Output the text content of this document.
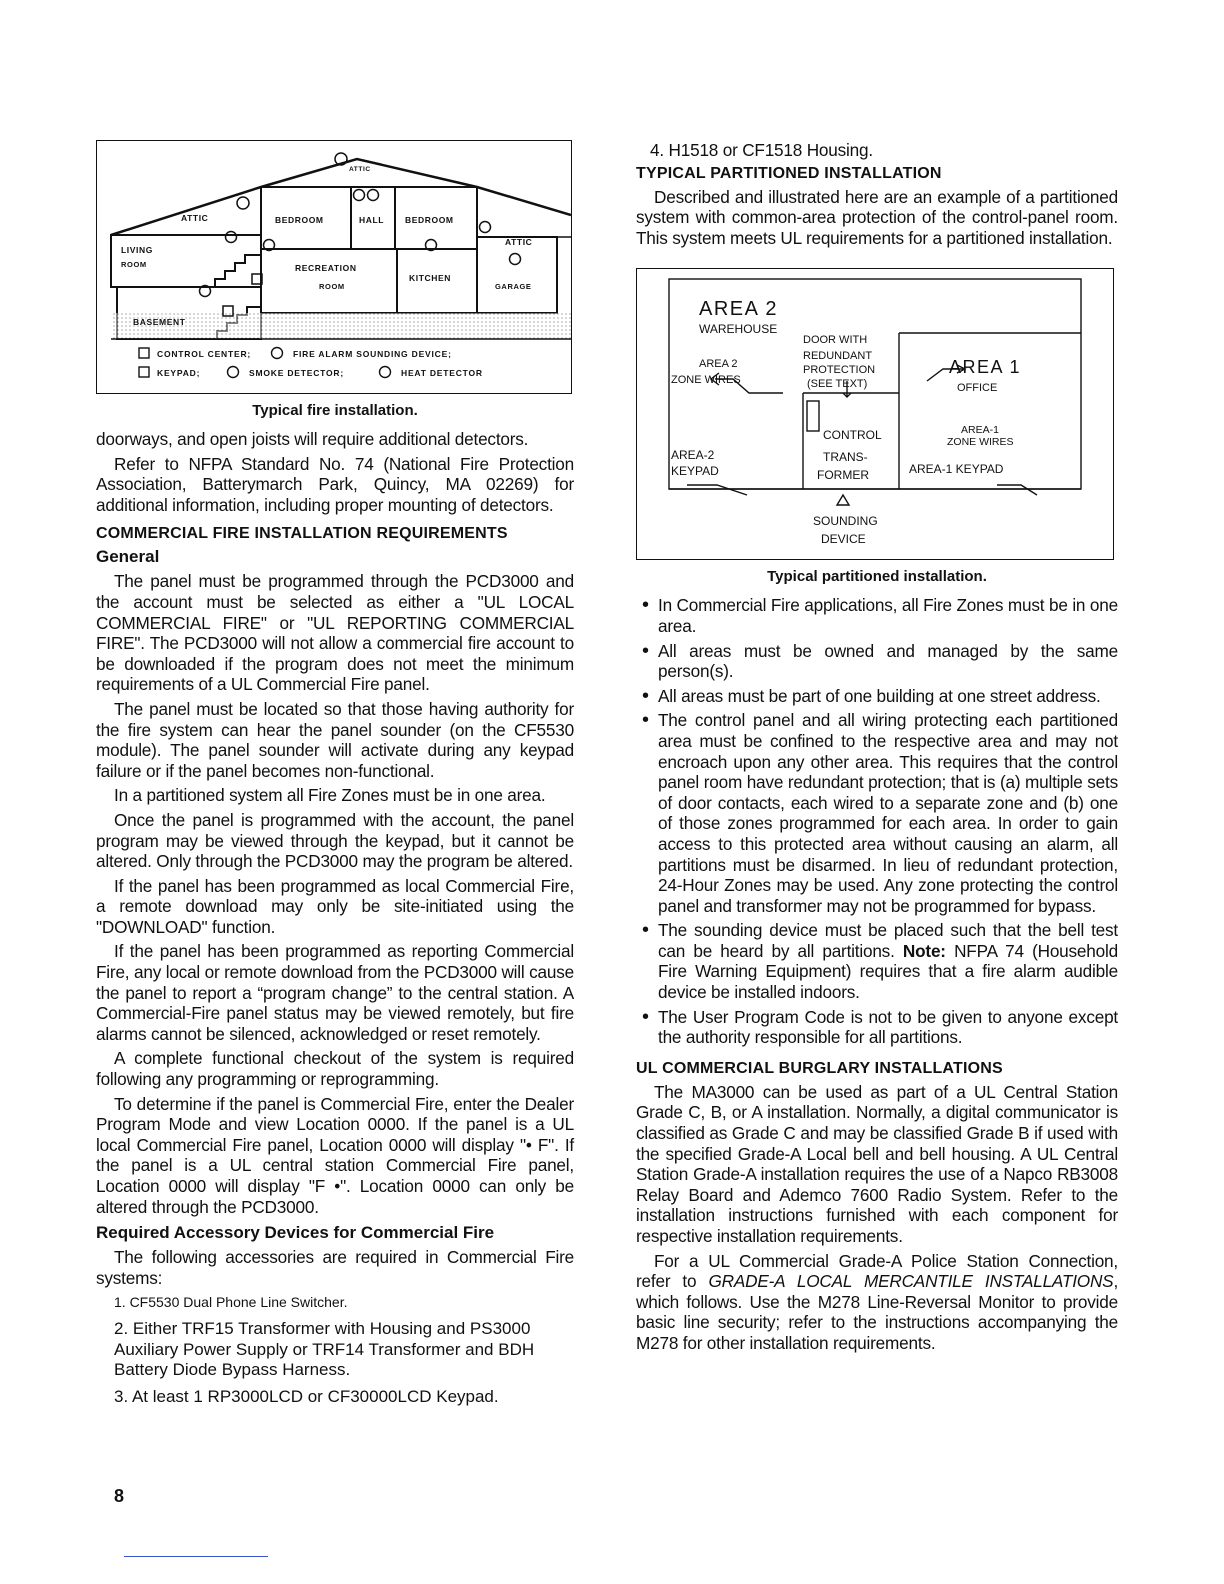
ATTIC	BEDROOM	HALL BEDROOM
ATTIC
ATTIC
LIVING
ROOM	RECREATION
ROOM
KITCHEN
GARAGE
BASEMENT
CONTROL CENTER;	FIRE ALARM SOUNDING DEVICE;
KEYPAD;	SMOKE DETECTOR;	HEAT DETECTOR
Typical fire installation.

doorways, and open joists will require additional detectors.

Refer to NFPA Standard No. 74 (National Fire Protection Association, Batterymarch Park, Quincy, MA 02269) for additional information, including proper mounting of detectors.

COMMERCIAL FIRE INSTALLATION REQUIREMENTS
General

The panel must be programmed through the PCD3000 and the account must be selected as either a "UL LOCAL COMMERCIAL FIRE" or "UL REPORTING COMMERCIAL FIRE". The PCD3000 will not allow a commercial fire account to be downloaded if the program does not meet the minimum requirements of a UL Commercial Fire panel.

The panel must be located so that those having authority for the fire system can hear the panel sounder (on the CF5530 module). The panel sounder will activate during any keypad failure or if the panel becomes non-functional.

In a partitioned system all Fire Zones must be in one area.

Once the panel is programmed with the account, the panel program may be viewed through the keypad, but it cannot be altered. Only through the PCD3000 may the program be altered.

If the panel has been programmed as local Commercial Fire, a remote download may only be site-initiated using the "DOWNLOAD" function.

If the panel has been programmed as reporting Commercial Fire, any local or remote download from the PCD3000 will cause the panel to report a “program change” to the central station. A Commercial-Fire panel status may be viewed remotely, but fire alarms cannot be silenced, acknowledged or reset remotely.

A complete functional checkout of the system is required following any programming or reprogramming.

To determine if the panel is Commercial Fire, enter the Dealer Program Mode and view Location 0000. If the panel is a UL local Commercial Fire panel, Location 0000 will display "• F". If the panel is a UL central station Commercial Fire panel, Location 0000 will display "F •". Location 0000 can only be altered through the PCD3000.

Required Accessory Devices for Commercial Fire

The following accessories are required in Commercial Fire systems:

1. CF5530 Dual Phone Line Switcher.
2. Either TRF15 Transformer with Housing and PS3000 Auxiliary Power Supply or TRF14 Transformer and BDH Battery Diode Bypass Harness.
3. At least 1 RP3000LCD or CF30000LCD Keypad.

4. H1518 or CF1518 Housing.

TYPICAL PARTITIONED INSTALLATION

Described and illustrated here are an example of a partitioned system with common-area protection of the control-panel room. This system meets UL requirements for a partitioned installation.

AREA 2
WAREHOUSE
AREA 2
ZONE WIRES
DOOR WITH
REDUNDANT
PROTECTION
(SEE TEXT)
AREA 1
OFFICE
AREA-1
ZONE WIRES
CONTROL
TRANS-
FORMER
AREA-2
KEYPAD	AREA-1 KEYPAD
SOUNDING
DEVICE
Typical partitioned installation.
• In Commercial Fire applications, all Fire Zones must be in one area.
• All areas must be owned and managed by the same person(s).
• All areas must be part of one building at one street address.
• The control panel and all wiring protecting each partitioned area must be confined to the respective area and may not encroach upon any other area. This requires that the control panel room have redundant protection; that is (a) multiple sets of door contacts, each wired to a separate zone and (b) one of those zones programmed for each area. In order to gain access to this protected area without causing an alarm, all partitions must be disarmed. In lieu of redundant protection, 24-Hour Zones may be used. Any zone protecting the control panel and transformer may not be programmed for bypass.
• The sounding device must be placed such that the bell test can be heard by all partitions. Note: NFPA 74 (Household Fire Warning Equipment) requires that a fire alarm audible device be installed indoors.
• The User Program Code is not to be given to anyone except the authority responsible for all partitions.
UL COMMERCIAL BURGLARY INSTALLATIONS

The MA3000 can be used as part of a UL Central Station Grade C, B, or A installation. Normally, a digital communicator is classified as Grade C and may be classified Grade B if used with the specified Grade-A Local bell and bell housing. A UL Central Station Grade-A installation requires the use of a Napco RB3008 Relay Board and Ademco 7600 Radio System. Refer to the installation instructions furnished with each component for respective installation requirements.

For a UL Commercial Grade-A Police Station Connection, refer to GRADE-A LOCAL MERCANTILE INSTALLATIONS, which follows. Use the M278 Line-Reversal Monitor to provide basic line security; refer to the instructions accompanying the M278 for other installation requirements.

8
